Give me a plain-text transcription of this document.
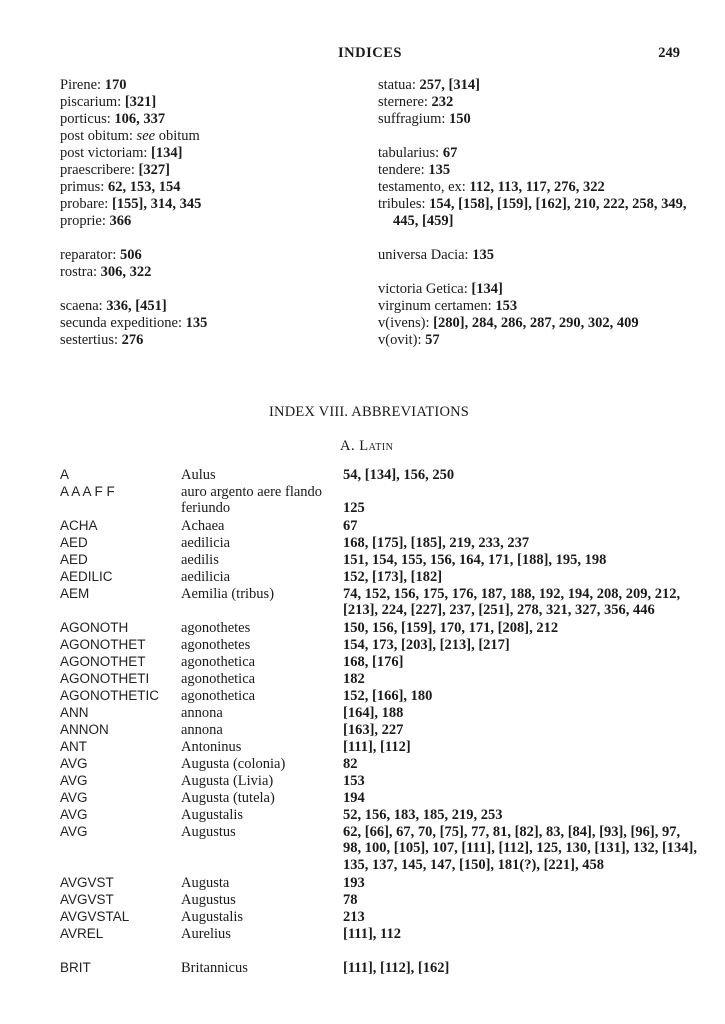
INDICES	249
Pirene: 170
piscarium: [321]
porticus: 106, 337
post obitum: see obitum
post victoriam: [134]
praescribere: [327]
primus: 62, 153, 154
probare: [155], 314, 345
proprie: 366
reparator: 506
rostra: 306, 322
scaena: 336, [451]
secunda expeditione: 135
sestertius: 276
statua: 257, [314]
sternere: 232
suffragium: 150
tabularius: 67
tendere: 135
testamento, ex: 112, 113, 117, 276, 322
tribules: 154, [158], [159], [162], 210, 222, 258, 349,
445, [459]
universa Dacia: 135
victoria Getica: [134]
virginum certamen: 153
v(ivens): [280], 284, 286, 287, 290, 302, 409
v(ovit): 57
INDEX VIII. ABBREVIATIONS
A. Latin
A	Aulus	54, [134], 156, 250
A A A F F	auro argento aere flando
feriundo	125
ACHA	Achaea	67
AED	aedilicia	168, [175], [185], 219, 233, 237
AED	aedilis	151, 154, 155, 156, 164, 171, [188], 195, 198
AEDILIC	aedilicia	152, [173], [182]
AEM	Aemilia (tribus)	74, 152, 156, 175, 176, 187, 188, 192, 194, 208, 209, 212,
[213], 224, [227], 237, [251], 278, 321, 327, 356, 446
AGONOTH	agonothetes	150, 156, [159], 170, 171, [208], 212
AGONOTHET	agonothetes	154, 173, [203], [213], [217]
AGONOTHET	agonothetica	168, [176]
AGONOTHETI	agonothetica	182
AGONOTHETIC	agonothetica	152, [166], 180
ANN	annona	[164], 188
ANNON	annona	[163], 227
ANT	Antoninus	[111], [112]
AVG	Augusta (colonia)	82
AVG	Augusta (Livia)	153
AVG	Augusta (tutela)	194
AVG	Augustalis	52, 156, 183, 185, 219, 253
AVG	Augustus	62, [66], 67, 70, [75], 77, 81, [82], 83, [84], [93], [96], 97,
98, 100, [105], 107, [111], [112], 125, 130, [131], 132, [134],
135, 137, 145, 147, [150], 181(?), [221], 458
AVGVST	Augusta	193
AVGVST	Augustus	78
AVGVSTAL	Augustalis	213
AVREL	Aurelius	[111], 112
BRIT	Britannicus	[111], [112], [162]
